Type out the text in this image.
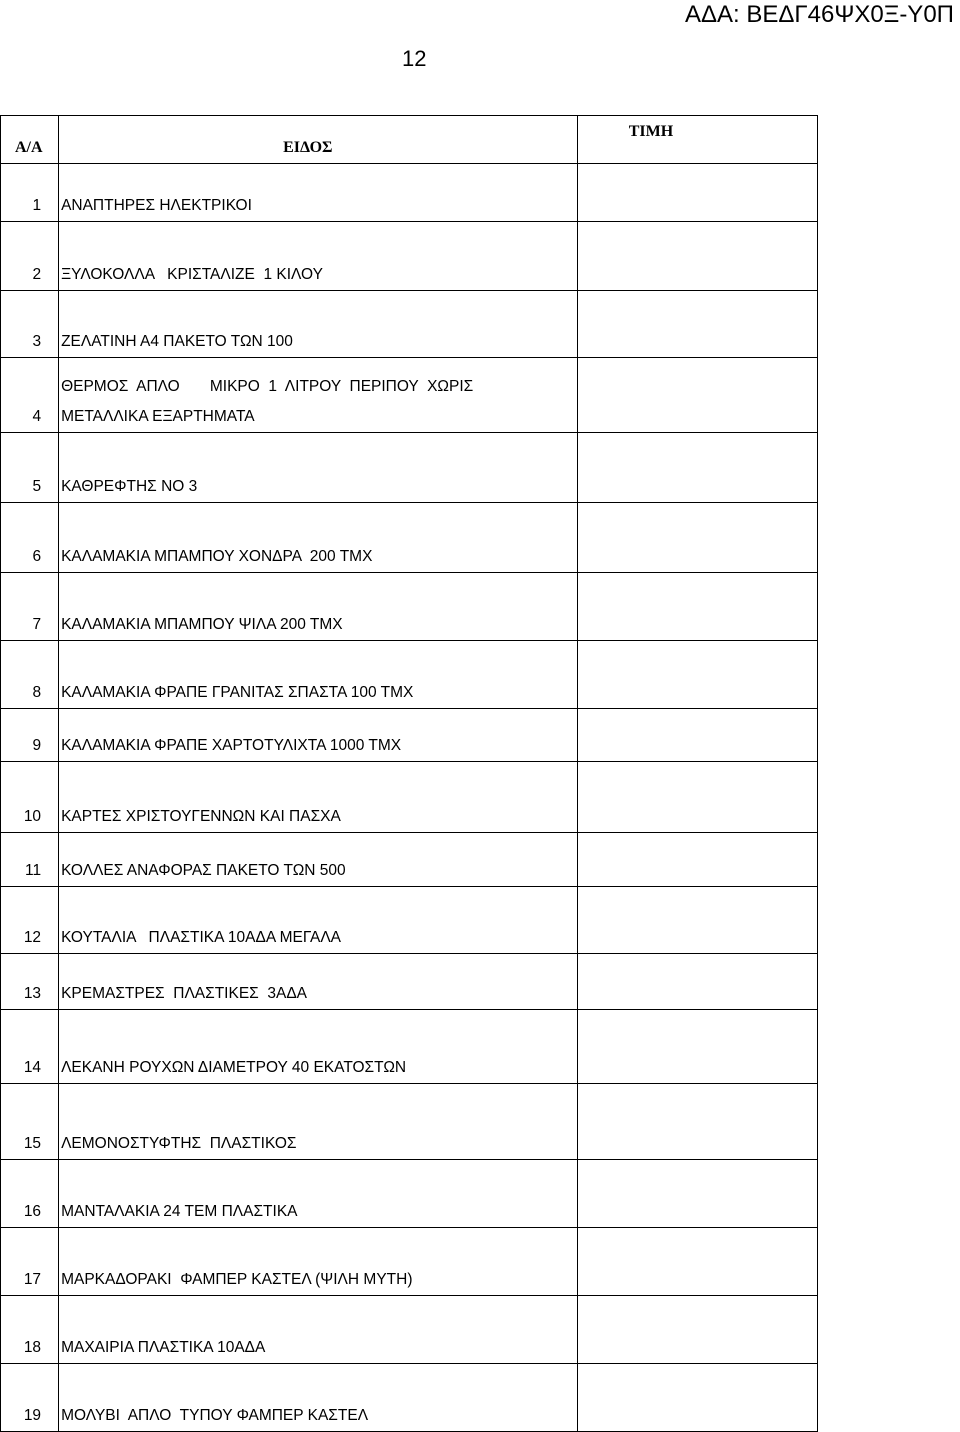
ΑΔΑ: ΒΕΔΓ46ΨΧ0Ξ-Υ0Π
12
Α/Α	ΕΙΔΟΣ	ΤΙΜΗ
1	ΑΝΑΠΤΗΡΕΣ ΗΛΕΚΤΡΙΚΟΙ	

2	ΞΥΛΟΚΟΛΛΑ   ΚΡΙΣΤΑΛΙΖΕ  1 ΚΙΛΟΥ	

3	ΖΕΛΑΤΙΝΗ Α4 ΠΑΚΕΤΟ ΤΩΝ 100	

4	ΘΕΡΜΟΣ  ΑΠΛΟ       ΜΙΚΡΟ  1  ΛΙΤΡΟΥ  ΠΕΡΙΠΟΥ  ΧΩΡΙΣ
ΜΕΤΑΛΛΙΚΑ ΕΞΑΡΤΗΜΑΤΑ	

5	ΚΑΘΡΕΦΤΗΣ ΝΟ 3	

6	ΚΑΛΑΜΑΚΙΑ ΜΠΑΜΠΟΥ ΧΟΝΔΡΑ  200 ΤΜΧ	

7	ΚΑΛΑΜΑΚΙΑ ΜΠΑΜΠΟΥ ΨΙΛΑ 200 ΤΜΧ	

8	ΚΑΛΑΜΑΚΙΑ ΦΡΑΠΕ ΓΡΑΝΙΤΑΣ ΣΠΑΣΤΑ 100 ΤΜΧ	

9	ΚΑΛΑΜΑΚΙΑ ΦΡΑΠΕ ΧΑΡΤΟΤΥΛΙΧΤΑ 1000 ΤΜΧ	

10	ΚΑΡΤΕΣ ΧΡΙΣΤΟΥΓΕΝΝΩΝ ΚΑΙ ΠΑΣΧΑ	

11	ΚΟΛΛΕΣ ΑΝΑΦΟΡΑΣ ΠΑΚΕΤΟ ΤΩΝ 500	

12	ΚΟΥΤΑΛΙΑ   ΠΛΑΣΤΙΚΑ 10ΑΔΑ ΜΕΓΑΛΑ	

13	ΚΡΕΜΑΣΤΡΕΣ  ΠΛΑΣΤΙΚΕΣ  3ΑΔΑ	

14	ΛΕΚΑΝΗ ΡΟΥΧΩΝ ΔΙΑΜΕΤΡΟΥ 40 ΕΚΑΤΟΣΤΩΝ	

15	ΛΕΜΟΝΟΣΤΥΦΤΗΣ  ΠΛΑΣΤΙΚΟΣ	

16	ΜΑΝΤΑΛΑΚΙΑ 24 ΤΕΜ ΠΛΑΣΤΙΚΑ	

17	ΜΑΡΚΑΔΟΡΑΚΙ  ΦΑΜΠΕΡ ΚΑΣΤΕΛ (ΨΙΛΗ ΜΥΤΗ)	

18	ΜΑΧΑΙΡΙΑ ΠΛΑΣΤΙΚΑ 10ΑΔΑ	

19	ΜΟΛΥΒΙ  ΑΠΛΟ  ΤΥΠΟΥ ΦΑΜΠΕΡ ΚΑΣΤΕΛ	
